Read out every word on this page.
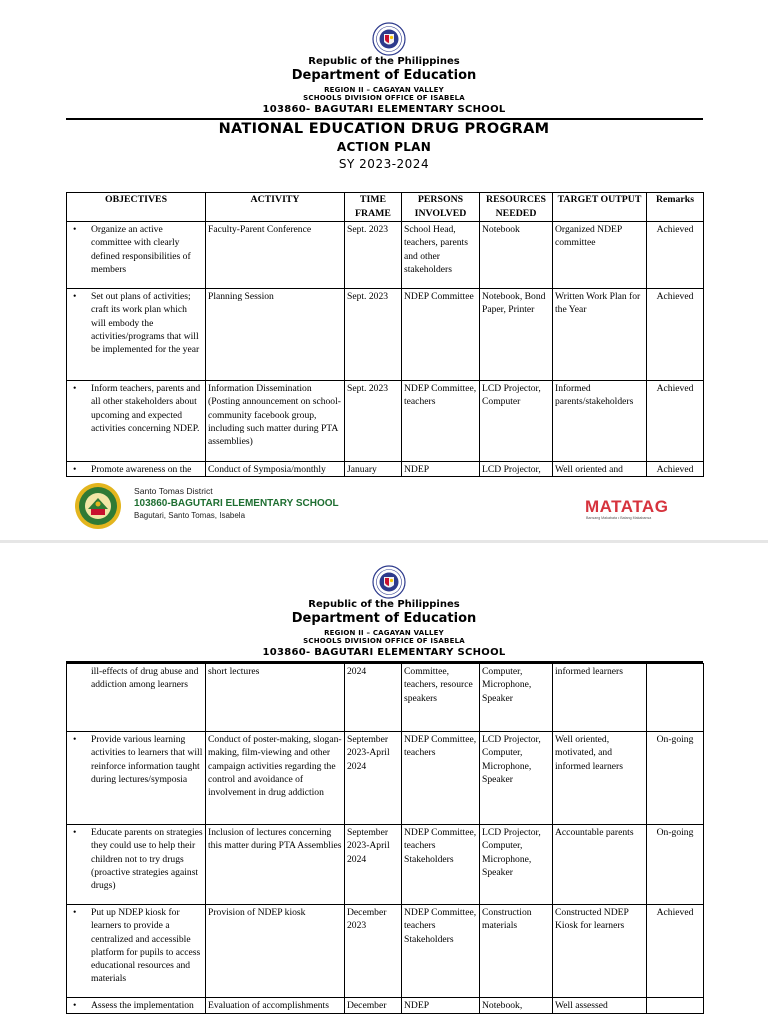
Republic of the Philippines
Department of Education
REGION II – CAGAYAN VALLEY
SCHOOLS DIVISION OFFICE OF ISABELA
103860- BAGUTARI ELEMENTARY SCHOOL
NATIONAL EDUCATION DRUG PROGRAM
ACTION PLAN
SY 2023-2024
OBJECTIVES	ACTIVITY	TIME FRAME	PERSONS INVOLVED	RESOURCES NEEDED	TARGET OUTPUT	Remarks

• Organize an active committee with clearly defined responsibilities of members	Faculty-Parent Conference	Sept. 2023	School Head, teachers, parents and other stakeholders	Notebook	Organized NDEP committee	Achieved

• Set out plans of activities; craft its work plan which will embody the activities/programs that will be implemented for the year	Planning Session	Sept. 2023	NDEP Committee	Notebook, Bond Paper, Printer	Written Work Plan for the Year	Achieved

• Inform teachers, parents and all other stakeholders about upcoming and expected activities concerning NDEP.	Information Dissemination (Posting announcement on school-community facebook group, including such matter during PTA assemblies)	Sept. 2023	NDEP Committee, teachers	LCD Projector, Computer	Informed parents/stakeholders	Achieved

• Promote awareness on the	Conduct of Symposia/monthly	January	NDEP	LCD Projector,	Well oriented and	Achieved
Santo Tomas District
103860-BAGUTARI ELEMENTARY SCHOOL
Bagutari, Santo Tomas, Isabela	MATATAG
Bansang Makabata • Batang Makabansa
Republic of the Philippines
Department of Education
REGION II – CAGAYAN VALLEY
SCHOOLS DIVISION OFFICE OF ISABELA
103860- BAGUTARI ELEMENTARY SCHOOL
ill-effects of drug abuse and addiction among learners	short lectures	2024	Committee, teachers, resource speakers	Computer, Microphone, Speaker	informed learners	

• Provide various learning activities to learners that will reinforce information taught during lectures/symposia	Conduct of poster-making, slogan-making, film-viewing and other campaign activities regarding the control and avoidance of involvement in drug addiction	September 2023-April 2024	NDEP Committee, teachers	LCD Projector, Computer, Microphone, Speaker	Well oriented, motivated, and informed learners	On-going

• Educate parents on strategies they could use to help their children not to try drugs (proactive strategies against drugs)	Inclusion of lectures concerning this matter during PTA Assemblies	September 2023-April 2024	NDEP Committee, teachers Stakeholders	LCD Projector, Computer, Microphone, Speaker	Accountable parents	On-going

• Put up NDEP kiosk for learners to provide a centralized and accessible platform for pupils to access educational resources and materials	Provision of NDEP kiosk	December 2023	NDEP Committee, teachers Stakeholders	Construction materials	Constructed NDEP Kiosk for learners	Achieved

• Assess the implementation	Evaluation of accomplishments	December	NDEP	Notebook,	Well assessed	
